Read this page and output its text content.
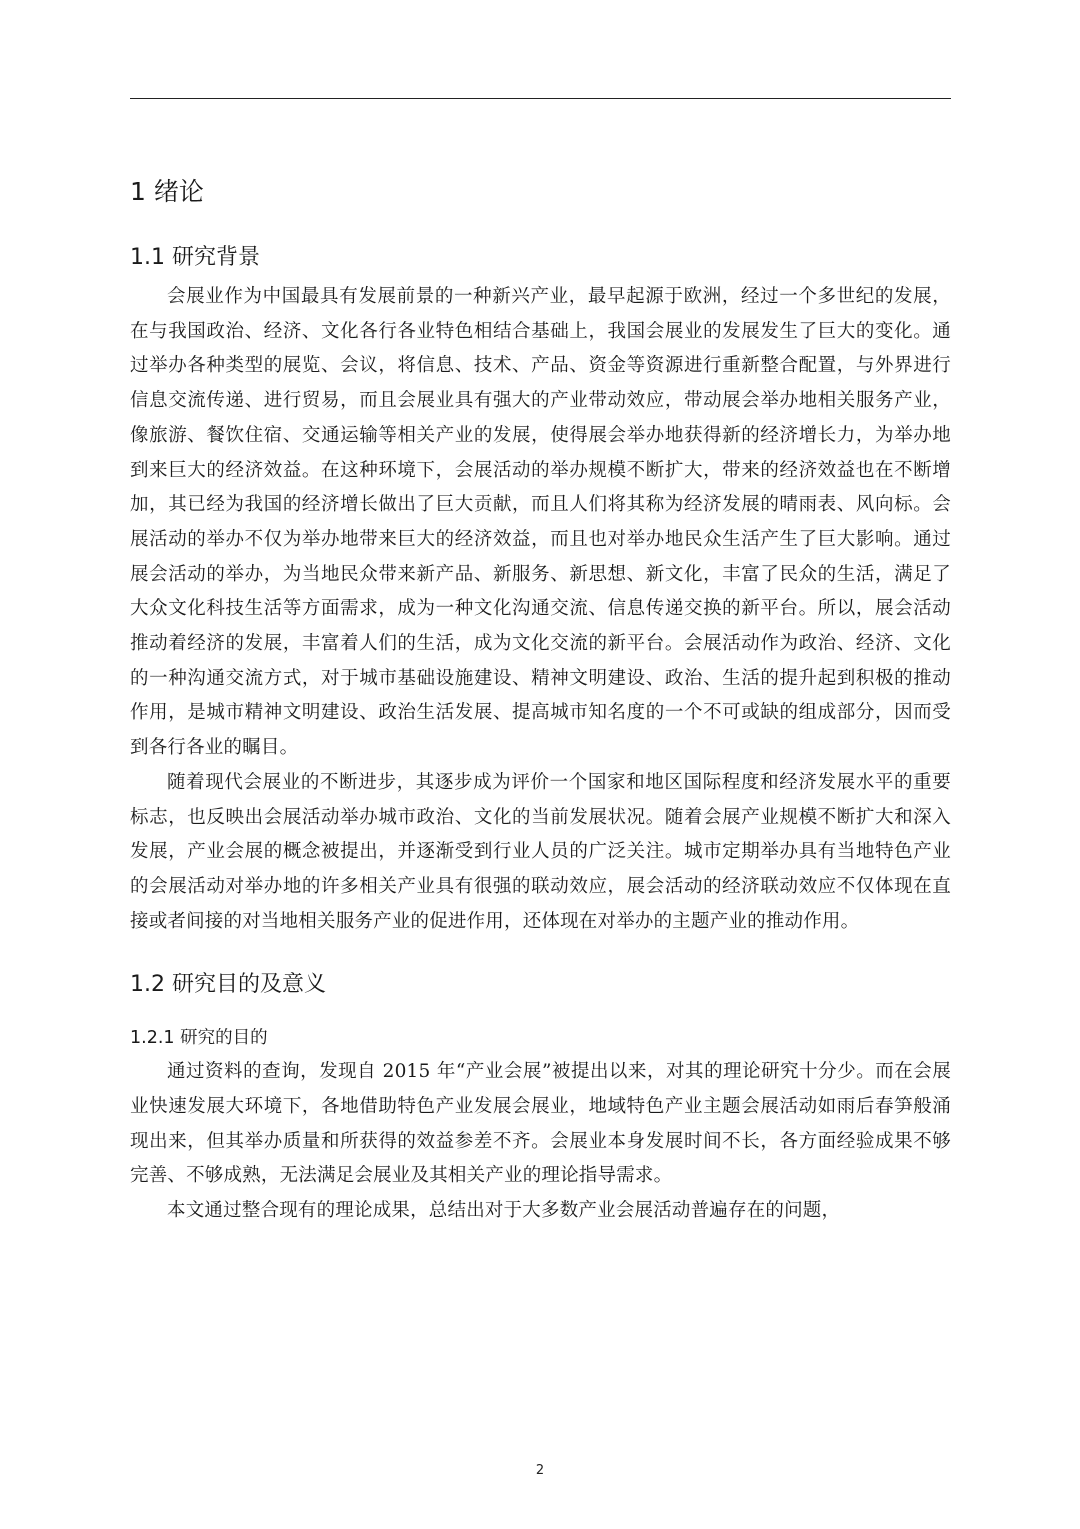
1 绪论
1.1 研究背景

会展业作为中国最具有发展前景的一种新兴产业，最早起源于欧洲，经过一个多世纪的发展，在与我国政治、经济、文化各行各业特色相结合基础上，我国会展业的发展发生了巨大的变化。通过举办各种类型的展览、会议，将信息、技术、产品、资金等资源进行重新整合配置，与外界进行信息交流传递、进行贸易，而且会展业具有强大的产业带动效应，带动展会举办地相关服务产业，像旅游、餐饮住宿、交通运输等相关产业的发展，使得展会举办地获得新的经济增长力，为举办地到来巨大的经济效益。在这种环境下，会展活动的举办规模不断扩大，带来的经济效益也在不断增加，其已经为我国的经济增长做出了巨大贡献，而且人们将其称为经济发展的晴雨表、风向标。会展活动的举办不仅为举办地带来巨大的经济效益，而且也对举办地民众生活产生了巨大影响。通过展会活动的举办，为当地民众带来新产品、新服务、新思想、新文化，丰富了民众的生活，满足了大众文化科技生活等方面需求，成为一种文化沟通交流、信息传递交换的新平台。所以，展会活动推动着经济的发展，丰富着人们的生活，成为文化交流的新平台。会展活动作为政治、经济、文化的一种沟通交流方式，对于城市基础设施建设、精神文明建设、政治、生活的提升起到积极的推动作用，是城市精神文明建设、政治生活发展、提高城市知名度的一个不可或缺的组成部分，因而受到各行各业的瞩目。

随着现代会展业的不断进步，其逐步成为评价一个国家和地区国际程度和经济发展水平的重要标志，也反映出会展活动举办城市政治、文化的当前发展状况。随着会展产业规模不断扩大和深入发展，产业会展的概念被提出，并逐渐受到行业人员的广泛关注。城市定期举办具有当地特色产业的会展活动对举办地的许多相关产业具有很强的联动效应，展会活动的经济联动效应不仅体现在直接或者间接的对当地相关服务产业的促进作用，还体现在对举办的主题产业的推动作用。

1.2 研究目的及意义
1.2.1 研究的目的

通过资料的查询，发现自 2015 年“产业会展”被提出以来，对其的理论研究十分少。而在会展业快速发展大环境下，各地借助特色产业发展会展业，地域特色产业主题会展活动如雨后春笋般涌现出来，但其举办质量和所获得的效益参差不齐。会展业本身发展时间不长，各方面经验成果不够完善、不够成熟，无法满足会展业及其相关产业的理论指导需求。

本文通过整合现有的理论成果，总结出对于大多数产业会展活动普遍存在的问题，

2
